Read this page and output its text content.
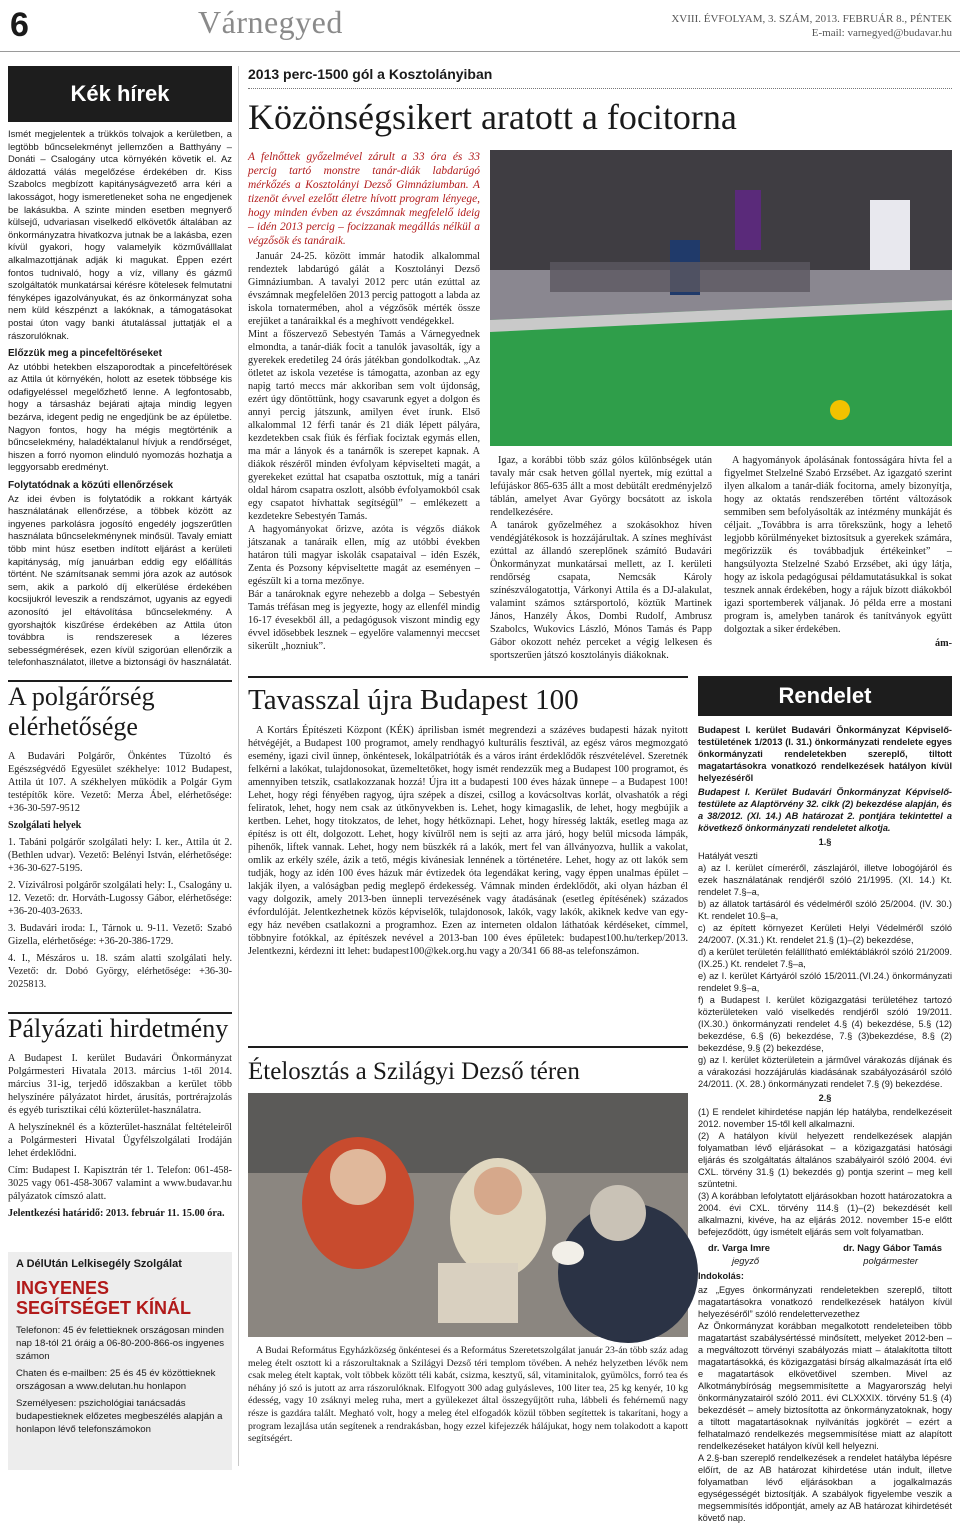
6	Várnegyed	XVIII. ÉVFOLYAM, 3. SZÁM, 2013. FEBRUÁR 8., PÉNTEK
E-mail: varnegyed@budavar.hu
Kék hírek

Ismét megjelentek a trükkös tolvajok a kerületben, a legtöbb bűncselekményt jellemzően a Batthyány – Donáti – Csalogány utca környékén követik el. Az áldozattá válás megelőzése érdekében dr. Kiss Szabolcs megbízott kapitányságvezető arra kéri a lakosságot, hogy ismeretleneket soha ne engedjenek be lakásukba. A szinte minden esetben megnyerő külsejű, udvariasan viselkedő elkövetők általában az önkormányzatra hivatkozva jutnak be a lakásba, ezen kívül gyakori, hogy valamelyik közműválllalat alkalmazottjának adják ki magukat. Éppen ezért fontos tudnivaló, hogy a víz, villany és gázmű szolgáltatók munkatársai kérésre kötelesek felmutatni fényképes igazolványukat, és az önkormányzat soha nem küld készpénzt a lakóknak, a támogatásokat postai úton vagy banki átutalással juttatják el a rászorulóknak.

Előzzük meg a pincefeltöréseket

Az utóbbi hetekben elszaporodtak a pincefeltörések az Attila út környékén, holott az esetek többsége kis odafigyeléssel megelőzhető lenne. A legfontosabb, hogy a társasház bejárati ajtaja mindig legyen bezárva, idegent pedig ne engedjünk be az épületbe. Nagyon fontos, hogy ha mégis megtörténik a bűncselekmény, haladéktalanul hívjuk a rendőrséget, hiszen a forró nyomon elinduló nyomozás hozhatja a leggyorsabb eredményt.

Folytatódnak a közúti ellenőrzések

Az idei évben is folytatódik a rokkant kártyák használatának ellenőrzése, a többek között az ingyenes parkolásra jogosító engedély jogszerűtlen használata bűncselekménynek minősül. Tavaly emiatt több mint húsz esetben indított eljárást a kerületi kapitányság, míg januárban eddig egy előállítás történt. Ne számítsanak semmi jóra azok az autósok sem, akik a parkoló díj elkerülése érdekében kocsijukról leveszik a rendszámot, ugyanis az egyedi azonosító jel eltávolítása bűncselekmény. A gyorshajtók kiszűrése érdekében az Attila úton továbbra is rendszeresek a lézeres sebességmérések, ezen kívül szigorúan ellenőrzik a telefonhasználatot, illetve a biztonsági öv használatát.

A polgárőrség elérhetősége

A Budavári Polgárőr, Önkéntes Tűzoltó és Egészségvédő Egyesület székhelye: 1012 Budapest, Attila út 107. A székhelyen működik a Polgár Gym testépítők köre. Vezető: Merza Ábel, elérhetősége: +36-30-597-9512

Szolgálati helyek

1. Tabáni polgárőr szolgálati hely: I. ker., Attila út 2. (Bethlen udvar). Vezető: Belényi István, elérhetősége: +36-30-627-5195.

2. Víziválrosi polgárőr szolgálati hely: I., Csalogány u. 12. Vezető: dr. Horváth-Lugossy Gábor, elérhetősége: +36-20-403-2633.

3. Budavári iroda: I., Tárnok u. 9-11. Vezető: Szabó Gizella, elérhetősége: +36-20-386-1729.

4. I., Mészáros u. 18. szám alatti szolgálati hely. Vezető: dr. Dobó György, elérhetősége: +36-30-2025813.

Pályázati hirdetmény

A Budapest I. kerület Budavári Önkormányzat Polgármesteri Hivatala 2013. március 1-től 2014. március 31-ig, terjedő időszakban a kerület több helyszínére pályázatot hirdet, árusítás, portrérajzolás és egyéb turisztikai célú közterület-használatra.

A helyszíneknél és a közterület-használat feltételeiről a Polgármesteri Hivatal Ügyfélszolgálati Irodáján lehet érdeklődni.

Cím: Budapest I. Kapisztrán tér 1. Telefon: 061-458-3025 vagy 061-458-3067 valamint a www.budavar.hu pályázatok címszó alatt.

Jelentkezési határidő: 2013. február 11. 15.00 óra.

A DélUtán Lelkisegély Szolgálat
INGYENES SEGÍTSÉGET KÍNÁL

Telefonon: 45 év felettieknek országosan minden nap 18-tól 21 óráig a 06-80-200-866-os ingyenes számon

Chaten és e-mailben: 25 és 45 év közöttieknek országosan a www.delutan.hu honlapon

Személyesen: pszichológiai tanácsadás budapestieknek előzetes megbeszélés alapján a honlapon lévő telefonszámokon

2013 perc-1500 gól a Kosztolányiban
Közönségsikert aratott a focitorna
A felnőttek győzelmével zárult a 33 óra és 33 percig tartó monstre tanár-diák labdarúgó mérkőzés a Kosztolányi Dezső Gimnáziumban. A tizenöt évvel ezelőtt életre hívott program lényege, hogy minden évben az évszámnak megfelelő ideig – idén 2013 percig – focizzanak megállás nélkül a végzősök és tanáraik.

Január 24-25. között immár hatodik alkalommal rendeztek labdarúgó gálát a Kosztolányi Dezső Gimnáziumban. A tavalyi 2012 perc után ezúttal az évszámnak megfelelően 2013 percig pattogott a labda az iskola tornatermében, ahol a végzősök mérték össze erejüket a tanáraikkal és a meghívott vendégekkel.
Mint a főszervező Sebestyén Tamás a Várnegyednek elmondta, a tanár-diák focit a tanulók javasolták, így a gyerekek eredetileg 24 órás játékban gondolkodtak. „Az ötletet az iskola vezetése is támogatta, azonban az egy napig tartó meccs már akkoriban sem volt újdonság, ezért úgy döntöttünk, hogy csavarunk egyet a dolgon és annyi percig játszunk, amilyen évet írunk. Első alkalommal 12 férfi tanár és 21 diák lépett pályára, kezdetekben csak fiúk és férfiak fociztak egymás ellen, ma már a lányok és a tanárnők is szerepet kapnak. A diákok részéről minden évfolyam képviselteti magát, a gyerekeket ezúttal hat csapatba osztottuk, míg a tanári oldal három csapatra oszlott, alsóbb évfolyamokból csak egy csapatot hívhattak segítségül” – emlékezett a kezdetekre Sebestyén Tamás.
A hagyományokat őrizve, azóta is végzős diákok játszanak a tanáraik ellen, míg az utóbbi években határon túli magyar iskolák csapataival – idén Eszék, Zenta és Pozsony képviseltette magát az eseményen – egészült ki a torna mezőnye.
Bár a tanároknak egyre nehezebb a dolga – Sebestyén Tamás tréfásan meg is jegyezte, hogy az ellenfél mindig 16-17 évesekből áll, a pedagógusok viszont mindig egy évvel idősebbek lesznek – egyelőre valamennyi meccset sikerült „hozniuk”.

Igaz, a korábbi több száz gólos különbségek után tavaly már csak hetven góllal nyertek, míg ezúttal a lefújáskor 865-635 állt a most debütált eredményjelző táblán, amelyet Avar György bocsátott az iskola rendelkezésére.
A tanárok győzelméhez a szokásokhoz híven vendégjátékosok is hozzájárultak. A színes meghívást ezúttal az állandó szereplőnek számító Budavári Önkormányzat munkatársai mellett, az I. kerületi rendőrség csapata, Nemcsák Károly színészválogatottja, Várkonyi Attila és a DJ-alakulat, valamint számos sztársportoló, köztük Martinek János, Hanzély Ákos, Dombi Rudolf, Ambrusz Szabolcs, Wukovics László, Mónos Tamás és Papp Gábor okozott nehéz perceket a végig lelkesen és sportszerűen játszó kosztolányis diákoknak.

A hagyományok ápolásának fontosságára hívta fel a figyelmet Stelzelné Szabó Erzsébet. Az igazgató szerint ilyen alkalom a tanár-diák focitorna, amely bizonyítja, hogy az oktatás rendszerében történt változások semmiben sem befolyásolták az intézmény munkáját és céljait. „Továbbra is arra törekszünk, hogy a lehető legjobb körülményeket biztosítsuk a gyerekek számára, megőrizzük és továbbadjuk értékeinket” – hangsúlyozta Stelzelné Szabó Erzsébet, aki úgy látja, hogy az iskola pedagógusai példamutatásukkal is sokat tesznek annak érdekében, hogy a rájuk bízott diákokból igazi sportemberek váljanak. Jó példa erre a mostani program is, amelyben tanárok és tanítványok együtt dolgoztak a siker érdekében.

ám-

Tavasszal újra Budapest 100

A Kortárs Építészeti Központ (KÉK) áprilisban ismét megrendezi a százéves budapesti házak nyitott hétvégéjét, a Budapest 100 programot, amely rendhagyó kulturális fesztivál, az egész város megmozgató esemény, igazi civil ünnep, önkéntesek, lokálpatrióták és a város iránt érdeklődők részvételével. Szeretnék felkérni a lakókat, tulajdonosokat, üzemeltetőket, hogy ismét rendezzük meg a Budapest 100 programot, és amennyiben tetszik, csatlakozzanak hozzá! Újra itt a budapesti 100 éves házak ünnepe – a Budapest 100! Lehet, hogy régi fényében ragyog, újra szépek a díszei, csillog a kovácsoltvas korlát, olvashatók a régi feliratok, lehet, hogy nem csak az útkönyvekben is. Lehet, hogy kimagaslik, de lehet, hogy megbújik a kertben. Lehet, hogy titokzatos, de lehet, hogy hétköznapi. Lehet, hogy híresség lakták, esetleg maga az építész is ott élt, dolgozott. Lehet, hogy kívülről nem is sejti az arra járó, hogy belül micsoda lámpák, pihenők, liftek vannak. Lehet, hogy nem büszkék rá a lakók, mert fel van állványozva, hullik a vakolat, omlik az erkély széle, ázik a tető, mégis kivánesiak lennének a történetére. Lehet, hogy az ott lakók sem tudják, hogy az idén 100 éves házuk már évtizedek óta legendákat kering, vagy éppen unalmas épület – lakják ilyen, a valóságban pedig meglepő érdekesség. Vámnak minden érdeklődőt, aki olyan házban él vagy dolgozik, amely 2013-ben ünnepli tervezésének vagy átadásának (esetleg építésének) százados évfordulóját. Jelentkezhetnek közös képviselők, tulajdonosok, lakók, vagy lakók, akiknek kedve van egy-egy ház nevében csatlakozni a programhoz. Ezen az interneten oldalon láthatóak kérdéseket, címmel, többnyire fotókkal, az építészek nevével a 2013-ban 100 éves épületek: budapest100.hu/terkep/2013. Jelentkezni, kérdezni itt lehet: budapest100@kek.org.hu vagy a 20/341 66 88-as telefonszámon.

Ételosztás a Szilágyi Dezső téren
A Budai Református Egyházközség önkéntesei és a Református Szeretetszolgálat január 23-án több száz adag meleg ételt osztott ki a rászorultaknak a Szilágyi Dezső téri templom tövében. A nehéz helyzetben lévők nem csak meleg ételt kaptak, volt többek között téli kabát, csizma, kesztyű, sál, vitaminitalok, gyümölcs, forró tea és néhány jó szó is jutott az arra rászorulóknak. Elfogyott 300 adag gulyásleves, 100 liter tea, 25 kg kenyér, 10 kg édesség, vagy 10 zsáknyi meleg ruha, mert a gyülekezet által összegyűjtött ruha, lábbeli és fehérnemű nagy része is gazdára talált. Megható volt, hogy a meleg étel elfogadók közül többen segítettek is takarítani, hogy a program lezajlása után segítenek a rendrakásban, hogy ezzel kifejezzék hálájukat, hogy nem tolakodott a kapott segítségért.
Rendelet

Budapest I. kerület Budavári Önkormányzat Képviselő-testületének 1/2013 (I. 31.) önkormányzati rendelete egyes önkormányzati rendeletekben szereplő, tiltott magatartásokra vonatkozó rendelkezések hatályon kívül helyezéséről

Budapest I. Kerület Budavári Önkormányzat Képviselő-testülete az Alaptörvény 32. cikk (2) bekezdése alapján, és a 38/2012. (XI. 14.) AB határozat 2. pontjára tekintettel a következő önkormányzati rendeletet alkotja.

1.§

Hatályát veszti
a) az I. kerület címeréről, zászlajáról, illetve lobogójáról és ezek használatának rendjéről szóló 21/1995. (XI. 14.) Kt. rendelet 7.§–a,
b) az állatok tartásáról és védelméről szóló 25/2004. (IV. 30.) Kt. rendelet 10.§–a,
c) az épített környezet Kerületi Helyi Védelméről szóló 24/2007. (X.31.) Kt. rendelet 21.§ (1)–(2) bekezdése,
d) a kerület területén felállítható emléktáblákról szóló 21/2009. (IX.25.) Kt. rendelet 7.§–a,
e) az I. kerület Kártyáról szóló 15/2011.(VI.24.) önkormányzati rendelet 9.§–a,
f) a Budapest I. kerület közigazgatási területéhez tartozó közterületeken való viselkedés rendjéről szóló 19/2011. (IX.30.) önkormányzati rendelet 4.§ (4) bekezdése, 5.§ (12) bekezdése, 6.§ (6) bekezdése, 7.§ (3)bekezdése, 8.§ (2) bekezdése, 9.§ (2) bekezdése,
g) az I. kerület közterületein a járművel várakozás díjának és a várakozási hozzájárulás kiadásának szabályozásáról szóló 24/2011. (X. 28.) önkormányzati rendelet 7.§ (9) bekezdése.

2.§

(1) E rendelet kihirdetése napján lép hatályba, rendelkezéseit 2012. november 15-től kell alkalmazni.
(2) A hatályon kívül helyezett rendelkezések alapján folyamatban lévő eljárásokat – a közigazgatási hatósági eljárás és szolgáltatás általános szabályairól szóló 2004. évi CXL. törvény 31.§ (1) bekezdés g) pontja szerint – meg kell szüntetni.
(3) A korábban lefolytatott eljárásokban hozott határozatokra a 2004. évi CXL. törvény 114.§ (1)–(2) bekezdését kell alkalmazni, kivéve, ha az eljárás 2012. november 15-e előtt befejeződött, úgy ismételt eljárás sem volt folyamatban.

dr. Varga Imre	dr. Nagy Gábor Tamás
jegyző	polgármester

Indokolás:

az „Egyes önkormányzati rendeletekben szereplő, tiltott magatartásokra vonatkozó rendelkezések hatályon kívül helyezéséről” szóló rendelettervezethez
Az Önkormányzat korábban megalkotott rendeleteiben több magatartást szabálysértéssé minősített, melyeket 2012-ben – a megváltozott törvényi szabályozás miatt – átalakította tiltott magatartásokká, és közigazgatási bírság alkalmazását írta elő e magatartások elkövetőivel szemben. Mivel az Alkotmánybíróság megsemmisítette a Magyarország helyi önkormányzatairól szóló 2011. évi CLXXXIX. törvény 51.§ (4) bekezdését – amely biztosította az önkormányzatoknak, hogy a tiltott magatartásoknak nyilvánítás jogkörét – ezért a felhatalmazó rendelkezés megsemmisítése miatt az alapított rendelkezéseket hatályon kívül kell helyezni.
A 2.§-ban szereplő rendelkezések a rendelet hatályba lépésre előírt, de az AB határozat kihirdetése után indult, illetve folyamatban lévő eljárásokban a jogalkalmazás egységességét biztosítják. A szabályok figyelembe veszik a megsemmisítés időpontját, amely az AB határozat kihirdetését követő nap.
